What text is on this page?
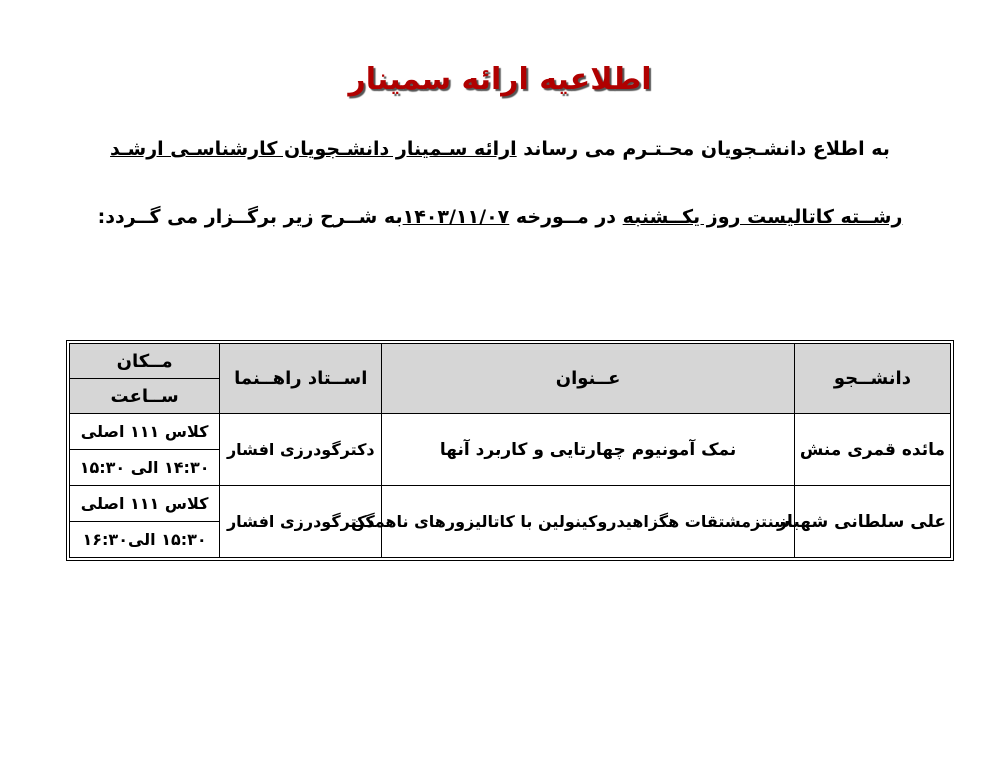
اطلاعیه ارائه سمینار
به اطلاع دانشـجویان محـتـرم می رساند ارائه سـمینار دانشـجویان کارشناسـی ارشـد
رشــته کاتالیست روز یکــشنبه در مــورخه ۱۴۰۳/۱۱/۰۷به شــرح زیر برگــزار می گــردد:
دانشــجو	عــنوان	اســتاد راهــنما	مــکان
			ســاعت
مائده قمری منش	نمک آمونیوم چهارتایی و کاربرد آنها	دکترگودرزی افشار	کلاس ۱۱۱ اصلی
			۱۴:۳۰ الی ۱۵:۳۰
علی سلطانی شهباز	سنتزمشتقات هگزاهیدروکینولین با کاتالیزورهای ناهمگن	دکترگودرزی افشار	کلاس ۱۱۱ اصلی
			۱۵:۳۰ الی۱۶:۳۰
